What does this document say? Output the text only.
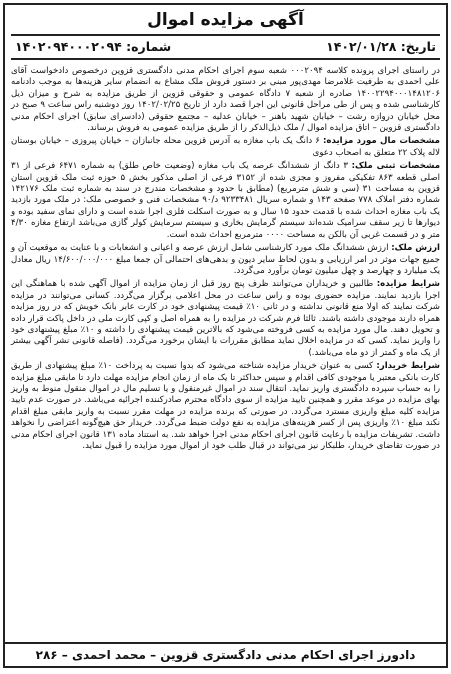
آگهی مزایده اموال
تاریخ: ۱۴۰۲/۰۱/۲۸
شماره: ۱۴۰۲۰۹۴۰۰۰۲۰۹۴

در راستای اجرای پرونده کلاسه ۰۰۰۲۰۹۴ شعبه سوم اجرای احکام مدنی دادگستری قزوین درخصوص دادخواست آقای علی احمدی به طرفیت غلامرضا مهدی‌پور مبنی بر دستور فروش ملک مشاع به انضمام سایر هزینه‌ها به موجب دادنامه ۱۴۰۰۲۲۹۴۰۰۰۱۴۸۱۲۰۶ صادره از شعبه ۷ دادگاه عمومی و حقوقی قزوین از طریق مزایده به شرح و میزان ذیل کارشناسی شده و پس از طی مراحل قانونی این اجرا قصد دارد از تاریخ ۱۴۰۲/۰۲/۲۵ روز دوشنبه راس ساعت ۹ صبح در محل خیابان دروازه رشت – خیابان شهید باهنر – خیابان عدلیه – مجتمع حقوقی (دادسرای سابق) اجرای احکام مدنی دادگستری قزوین – اتاق مزایده اموال / ملک ذیل‌الذکر را از طریق مزایده عمومی به فروش برساند.

مشخصات مال مورد مزایده: ۶ دانگ یک باب مغازه به آدرس قزوین محله جانبازان – خیابان پیروزی – خیابان بوستان لاله پلاک ۲۲ متعلق به اصحاب دعوی

مشخصات ثبتی ملک: ۳ دانگ از ششدانگ عرصه یک باب مغازه (وضعیت خاص طلق) به شماره ۶۴۷۱ فرعی از ۳۱ اصلی قطعه ۸۶۳ تفکیکی مفروز و مجزی شده از ۳۱۵۲ فرعی از اصلی مذکور بخش ۵ حوزه ثبت ملک قزوین استان قزوین به مساحت ۳۱ (سی و شش مترمربع) (مطابق با حدود و مشخصات مندرج در سند به شماره ثبت ملک ۱۴۲۱۷۶ شماره دفتر املاک ۷۷۸ صفحه ۱۴۳ و شماره سریال ۹۲۳۳۴۸۱ د/۹۰ مشخصات فنی و خصوصی ملک: در ملک مورد بازدید یک باب مغازه احداث شده با قدمت حدود ۱۵ سال و به صورت اسکلت فلزی اجرا شده است و دارای نمای سفید بوده و دیوارها تا زیر سقف سرامیک شده‌اند سیستم گرمایش بخاری و سیستم سرمایش کولر گازی می‌باشد ارتفاع مغازه ۴/۳۰ متر و در قسمت غربی آن بالکن به مساحت ۰۰۰۰ مترمربع احداث شده است.

ارزش ملک: ارزش ششدانگ ملک مورد کارشناسی شامل ارزش عرصه و اعیانی و انشعابات و با عنایت به موقعیت آن و جمیع جهات موثر در امر ارزیابی و بدون لحاظ سایر دیون و بدهی‌های احتمالی آن جمعا مبلغ ۱۴/۶۰۰/۰۰۰/۰۰۰ ریال معادل یک میلیارد و چهارصد و چهل میلیون تومان برآورد می‌گردد.

شرایط مزایده: طالبین و خریداران می‌توانند ظرف پنج روز قبل از زمان مزایده از اموال آگهی شده با هماهنگی این اجرا بازدید نمایند. مزایده حضوری بوده و راس ساعت در محل اعلامی برگزار می‌گردد. کسانی می‌توانند در مزایده شرکت نمایند که اولا منع قانونی نداشته و در ثانی ۱۰٪ قیمت پیشنهادی خود در کارت عابر بانک خویش که در روز مزایده همراه دارند موجودی داشته باشند. ثالثا فرم شرکت در مزایده را به همراه اصل و کپی کارت ملی در داخل پاکت قرار داده و تحویل دهند. مال مورد مزایده به کسی فروخته می‌شود که بالاترین قیمت پیشنهادی را داشته و ۱۰٪ مبلغ پیشنهادی خود را واریز نماید. کسی که در مزایده اخلال نماید مطابق مقررات با ایشان برخورد می‌گردد. (فاصله قانونی نشر آگهی بیشتر از یک ماه و کمتر از دو ماه می‌باشد.)

شرایط خریدار: کسی به عنوان خریدار مزایده شناخته می‌شود که بدوا نسبت به پرداخت ۱۰٪ مبلغ پیشنهادی از طریق کارت بانکی معتبر یا موجودی کافی اقدام و سپس حداکثر تا یک ماه از زمان انجام مزایده مهلت دارد تا مابقی مبلغ مزایده را به حساب سپرده دادگستری واریز نماید. انتقال سند در اموال غیرمنقول و یا تسلیم مال در اموال منقول منوط به واریز بهای مزایده در موعد مقرر و همچنین تایید مزایده از سوی دادگاه محترم صادرکننده اجرائیه می‌باشد. در صورت عدم تایید مزایده کلیه مبلغ واریزی مسترد می‌گردد. در صورتی که برنده مزایده در مهلت مقرر نسبت به واریز مابقی مبلغ اقدام نکند مبلغ ۱۰٪ واریزی پس از کسر هزینه‌های مزایده به نفع دولت ضبط می‌گردد. خریدار حق هیچ‌گونه اعتراضی را نخواهد داشت. تشریفات مزایده با رعایت قانون اجرای احکام مدنی اجرا خواهد شد. به استناد ماده ۱۳۱ قانون اجرای احکام مدنی در صورت تقاضای خریدار، طلبکار نیز می‌تواند در قبال طلب خود از اموال مورد مزایده را قبول نماید.

دادورز اجرای احکام مدنی دادگستری قزوین – محمد احمدی – ۲۸۶
